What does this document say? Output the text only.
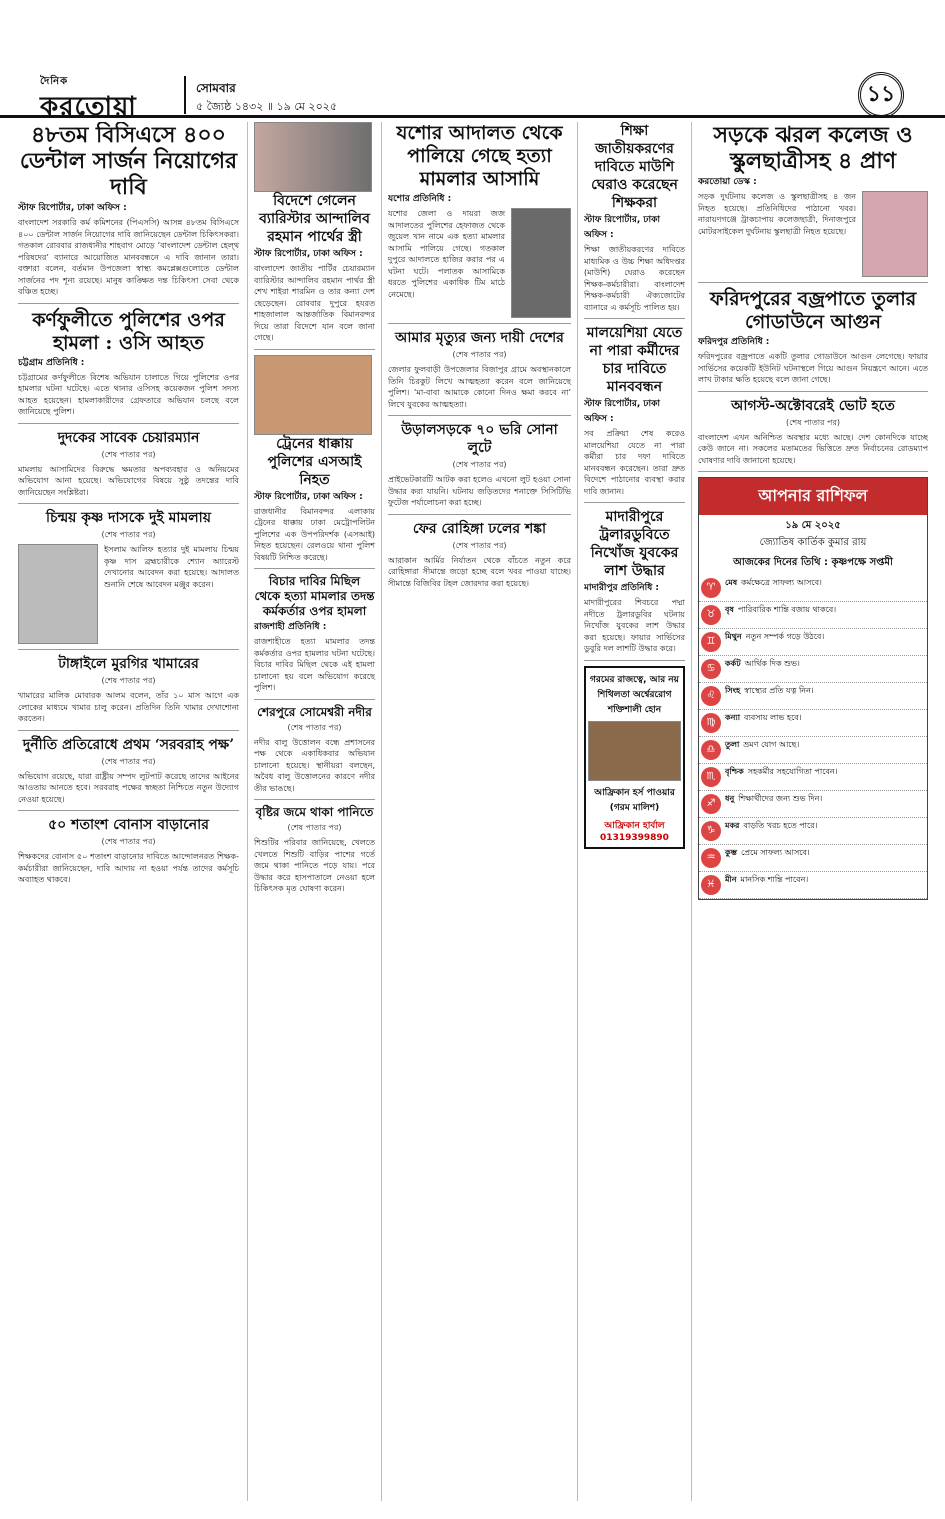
দৈনিক
করতোয়া
সোমবার
৫ জ্যৈষ্ঠ ১৪৩২ ॥ ১৯ মে ২০২৫	১১
৪৮তম বিসিএসে ৪০০ ডেন্টাল সার্জন নিয়োগের দাবি
স্টাফ রিপোর্টার, ঢাকা অফিস :
বাংলাদেশ সরকারি কর্ম কমিশনের (পিএসসি) আসন্ন ৪৮তম বিসিএসে ৪০০ ডেন্টাল সার্জন নিয়োগের দাবি জানিয়েছেন ডেন্টাল চিকিৎসকরা। গতকাল রোববার রাজধানীর শাহবাগ মোড়ে ‘বাংলাদেশ ডেন্টাল হেল্থ পরিষদের’ ব্যানারে আয়োজিত মানববন্ধনে এ দাবি জানান তারা। বক্তারা বলেন, বর্তমান উপজেলা স্বাস্থ্য কমপ্লেক্সগুলোতে ডেন্টাল সার্জনের পদ শূন্য রয়েছে। মানুষ কাঙ্ক্ষিত দন্ত চিকিৎসা সেবা থেকে বঞ্চিত হচ্ছে।
কর্ণফুলীতে পুলিশের ওপর হামলা : ওসি আহত
চট্টগ্রাম প্রতিনিধি :
চট্টগ্রামের কর্ণফুলীতে বিশেষ অভিযান চালাতে গিয়ে পুলিশের ওপর হামলার ঘটনা ঘটেছে। এতে থানার ওসিসহ কয়েকজন পুলিশ সদস্য আহত হয়েছেন। হামলাকারীদের গ্রেফতারে অভিযান চলছে বলে জানিয়েছে পুলিশ।
দুদকের সাবেক চেয়ারম্যান
(শেষ পাতার পর)
মামলায় আসামিদের বিরুদ্ধে ক্ষমতার অপব্যবহার ও অনিয়মের অভিযোগ আনা হয়েছে। অভিযোগের বিষয়ে সুষ্ঠু তদন্তের দাবি জানিয়েছেন সংশ্লিষ্টরা।
চিন্ময় কৃষ্ণ দাসকে দুই মামলায়
(শেষ পাতার পর)
ইসলাম আলিফ হত্যার দুই মামলায় চিন্ময় কৃষ্ণ দাস ব্রহ্মচারীকে শ্যোন অ্যারেস্ট দেখানোর আবেদন করা হয়েছে। আদালত শুনানি শেষে আবেদন মঞ্জুর করেন।
টাঙ্গাইলে মুরগির খামারের
(শেষ পাতার পর)
খামারের মালিক মোবারক আলম বলেন, তাঁর ১০ মাস আগে এক লোকের মাধ্যমে খামার চালু করেন। প্রতিদিন তিনি খামার দেখাশোনা করতেন।
দুর্নীতি প্রতিরোধে প্রথম ‘সরবরাহ পক্ষ’
(শেষ পাতার পর)
অভিযোগ রয়েছে, যারা রাষ্ট্রীয় সম্পদ লুটপাট করেছে তাদের আইনের আওতায় আনতে হবে। সরবরাহ পক্ষের স্বচ্ছতা নিশ্চিতে নতুন উদ্যোগ নেওয়া হয়েছে।
৫০ শতাংশ বোনাস বাড়ানোর
(শেষ পাতার পর)
শিক্ষকদের বোনাস ৫০ শতাংশ বাড়ানোর দাবিতে আন্দোলনরত শিক্ষক-কর্মচারীরা জানিয়েছেন, দাবি আদায় না হওয়া পর্যন্ত তাদের কর্মসূচি অব্যাহত থাকবে।
বিদেশে গেলেন ব্যারিস্টার আন্দালিব রহমান পার্থের স্ত্রী
স্টাফ রিপোর্টার, ঢাকা অফিস :
বাংলাদেশ জাতীয় পার্টির চেয়ারম্যান ব্যারিস্টার আন্দালিব রহমান পার্থর স্ত্রী শেখ শাইরা শারমিন ও তার কন্যা দেশ ছেড়েছেন। রোববার দুপুরে হযরত শাহজালাল আন্তর্জাতিক বিমানবন্দর দিয়ে তারা বিদেশে যান বলে জানা গেছে।
ট্রেনের ধাক্কায় পুলিশের এসআই নিহত
স্টাফ রিপোর্টার, ঢাকা অফিস :
রাজধানীর বিমানবন্দর এলাকায় ট্রেনের ধাক্কায় ঢাকা মেট্রোপলিটন পুলিশের এক উপপরিদর্শক (এসআই) নিহত হয়েছেন। রেলওয়ে থানা পুলিশ বিষয়টি নিশ্চিত করেছে।
বিচার দাবির মিছিল থেকে হত্যা মামলার তদন্ত কর্মকর্তার ওপর হামলা
রাজশাহী প্রতিনিধি :
রাজশাহীতে হত্যা মামলার তদন্ত কর্মকর্তার ওপর হামলার ঘটনা ঘটেছে। বিচার দাবির মিছিল থেকে এই হামলা চালানো হয় বলে অভিযোগ করেছে পুলিশ।
শেরপুরে সোমেশ্বরী নদীর
(শেষ পাতার পর)
নদীর বালু উত্তোলন বন্ধে প্রশাসনের পক্ষ থেকে একাধিকবার অভিযান চালানো হয়েছে। স্থানীয়রা বলছেন, অবৈধ বালু উত্তোলনের কারণে নদীর তীর ভাঙছে।
বৃষ্টির জমে থাকা পানিতে
(শেষ পাতার পর)
শিশুটির পরিবার জানিয়েছে, খেলতে খেলতে শিশুটি বাড়ির পাশের গর্তে জমে থাকা পানিতে পড়ে যায়। পরে উদ্ধার করে হাসপাতালে নেওয়া হলে চিকিৎসক মৃত ঘোষণা করেন।
যশোর আদালত থেকে পালিয়ে গেছে হত্যা মামলার আসামি
যশোর প্রতিনিধি :
যশোর জেলা ও দায়রা জজ আদালতের পুলিশের হেফাজত থেকে জুয়েল খান নামে এক হত্যা মামলার আসামি পালিয়ে গেছে। গতকাল দুপুরে আদালতে হাজির করার পর এ ঘটনা ঘটে। পলাতক আসামিকে ধরতে পুলিশের একাধিক টিম মাঠে নেমেছে।
আমার মৃত্যুর জন্য দায়ী দেশের
(শেষ পাতার পর)
জেলার ফুলবাড়ী উপজেলার বিজাপুর গ্রামে অবস্থানকালে তিনি চিরকুট লিখে আত্মহত্যা করেন বলে জানিয়েছে পুলিশ। ‘মা-বাবা আমাকে কোনো দিনও ক্ষমা করবে না’ লিখে যুবকের আত্মহত্যা।
উড়ালসড়কে ৭০ ভরি সোনা লুটে
(শেষ পাতার পর)
প্রাইভেটকারটি আটক করা হলেও এখনো লুট হওয়া সোনা উদ্ধার করা যায়নি। ঘটনায় জড়িতদের শনাক্তে সিসিটিভি ফুটেজ পর্যালোচনা করা হচ্ছে।
ফের রোহিঙ্গা ঢলের শঙ্কা
(শেষ পাতার পর)
আরাকান আর্মির নির্যাতন থেকে বাঁচতে নতুন করে রোহিঙ্গারা সীমান্তে জড়ো হচ্ছে বলে খবর পাওয়া যাচ্ছে। সীমান্তে বিজিবির টহল জোরদার করা হয়েছে।
শিক্ষা জাতীয়করণের দাবিতে মাউশি ঘেরাও করেছেন শিক্ষকরা
স্টাফ রিপোর্টার, ঢাকা অফিস :
শিক্ষা জাতীয়করণের দাবিতে মাধ্যমিক ও উচ্চ শিক্ষা অধিদপ্তর (মাউশি) ঘেরাও করেছেন শিক্ষক-কর্মচারীরা। বাংলাদেশ শিক্ষক-কর্মচারী ঐক্যজোটের ব্যানারে এ কর্মসূচি পালিত হয়।
মালয়েশিয়া যেতে না পারা কর্মীদের চার দাবিতে মানববন্ধন
স্টাফ রিপোর্টার, ঢাকা অফিস :
সব প্রক্রিয়া শেষ করেও মালয়েশিয়া যেতে না পারা কর্মীরা চার দফা দাবিতে মানববন্ধন করেছেন। তারা দ্রুত বিদেশে পাঠানোর ব্যবস্থা করার দাবি জানান।
মাদারীপুরে ট্রলারডুবিতে নিখোঁজ যুবকের লাশ উদ্ধার
মাদারীপুর প্রতিনিধি :
মাদারীপুরের শিবচরে পদ্মা নদীতে ট্রলারডুবির ঘটনায় নিখোঁজ যুবকের লাশ উদ্ধার করা হয়েছে। ফায়ার সার্ভিসের ডুবুরি দল লাশটি উদ্ধার করে।
গরমের রাজত্বে, আর নয় শিথিলতা অর্শ্বেররোগ শক্তিশালী হোন
আফ্রিকান হর্স পাওয়ার
(গরম মালিশ)
আফ্রিকান হার্বাল 01319399890
সড়কে ঝরল কলেজ ও স্কুলছাত্রীসহ ৪ প্রাণ
করতোয়া ডেস্ক :
সড়ক দুর্ঘটনায় কলেজ ও স্কুলছাত্রীসহ ৪ জন নিহত হয়েছে। প্রতিনিধিদের পাঠানো খবর। নারায়ণগঞ্জে ট্রাকচাপায় কলেজছাত্রী, দিনাজপুরে মোটরসাইকেল দুর্ঘটনায় স্কুলছাত্রী নিহত হয়েছে।
ফরিদপুরের বজ্রপাতে তুলার গোডাউনে আগুন
ফরিদপুর প্রতিনিধি :
ফরিদপুরের বজ্রপাতে একটি তুলার গোডাউনে আগুন লেগেছে। ফায়ার সার্ভিসের কয়েকটি ইউনিট ঘটনাস্থলে গিয়ে আগুন নিয়ন্ত্রণে আনে। এতে লাখ টাকার ক্ষতি হয়েছে বলে জানা গেছে।
আগস্ট-অক্টোবরেই ভোট হতে
(শেষ পাতার পর)
বাংলাদেশ এখন অনিশ্চিত অবস্থার মধ্যে আছে। দেশ কোনদিকে যাচ্ছে কেউ জানে না। সকলের মতামতের ভিত্তিতে দ্রুত নির্বাচনের রোডম্যাপ ঘোষণার দাবি জানানো হয়েছে।
আপনার রাশিফল
১৯ মে ২০২৫
জ্যোতিষ কার্তিক কুমার রায়
আজকের দিনের তিথি : কৃষ্ণপক্ষে সপ্তমী
♈	মেষ কর্মক্ষেত্রে সাফল্য আসবে।
♉	বৃষ পারিবারিক শান্তি বজায় থাকবে।
♊	মিথুন নতুন সম্পর্ক গড়ে উঠবে।
♋	কর্কট আর্থিক দিক শুভ।
♌	সিংহ স্বাস্থ্যের প্রতি যত্ন নিন।
♍	কন্যা ব্যবসায় লাভ হবে।
♎	তুলা ভ্রমণ যোগ আছে।
♏	বৃশ্চিক সহকর্মীর সহযোগিতা পাবেন।
♐	ধনু শিক্ষার্থীদের জন্য শুভ দিন।
♑	মকর বাড়তি খরচ হতে পারে।
♒	কুম্ভ প্রেমে সাফল্য আসবে।
♓	মীন মানসিক শান্তি পাবেন।
